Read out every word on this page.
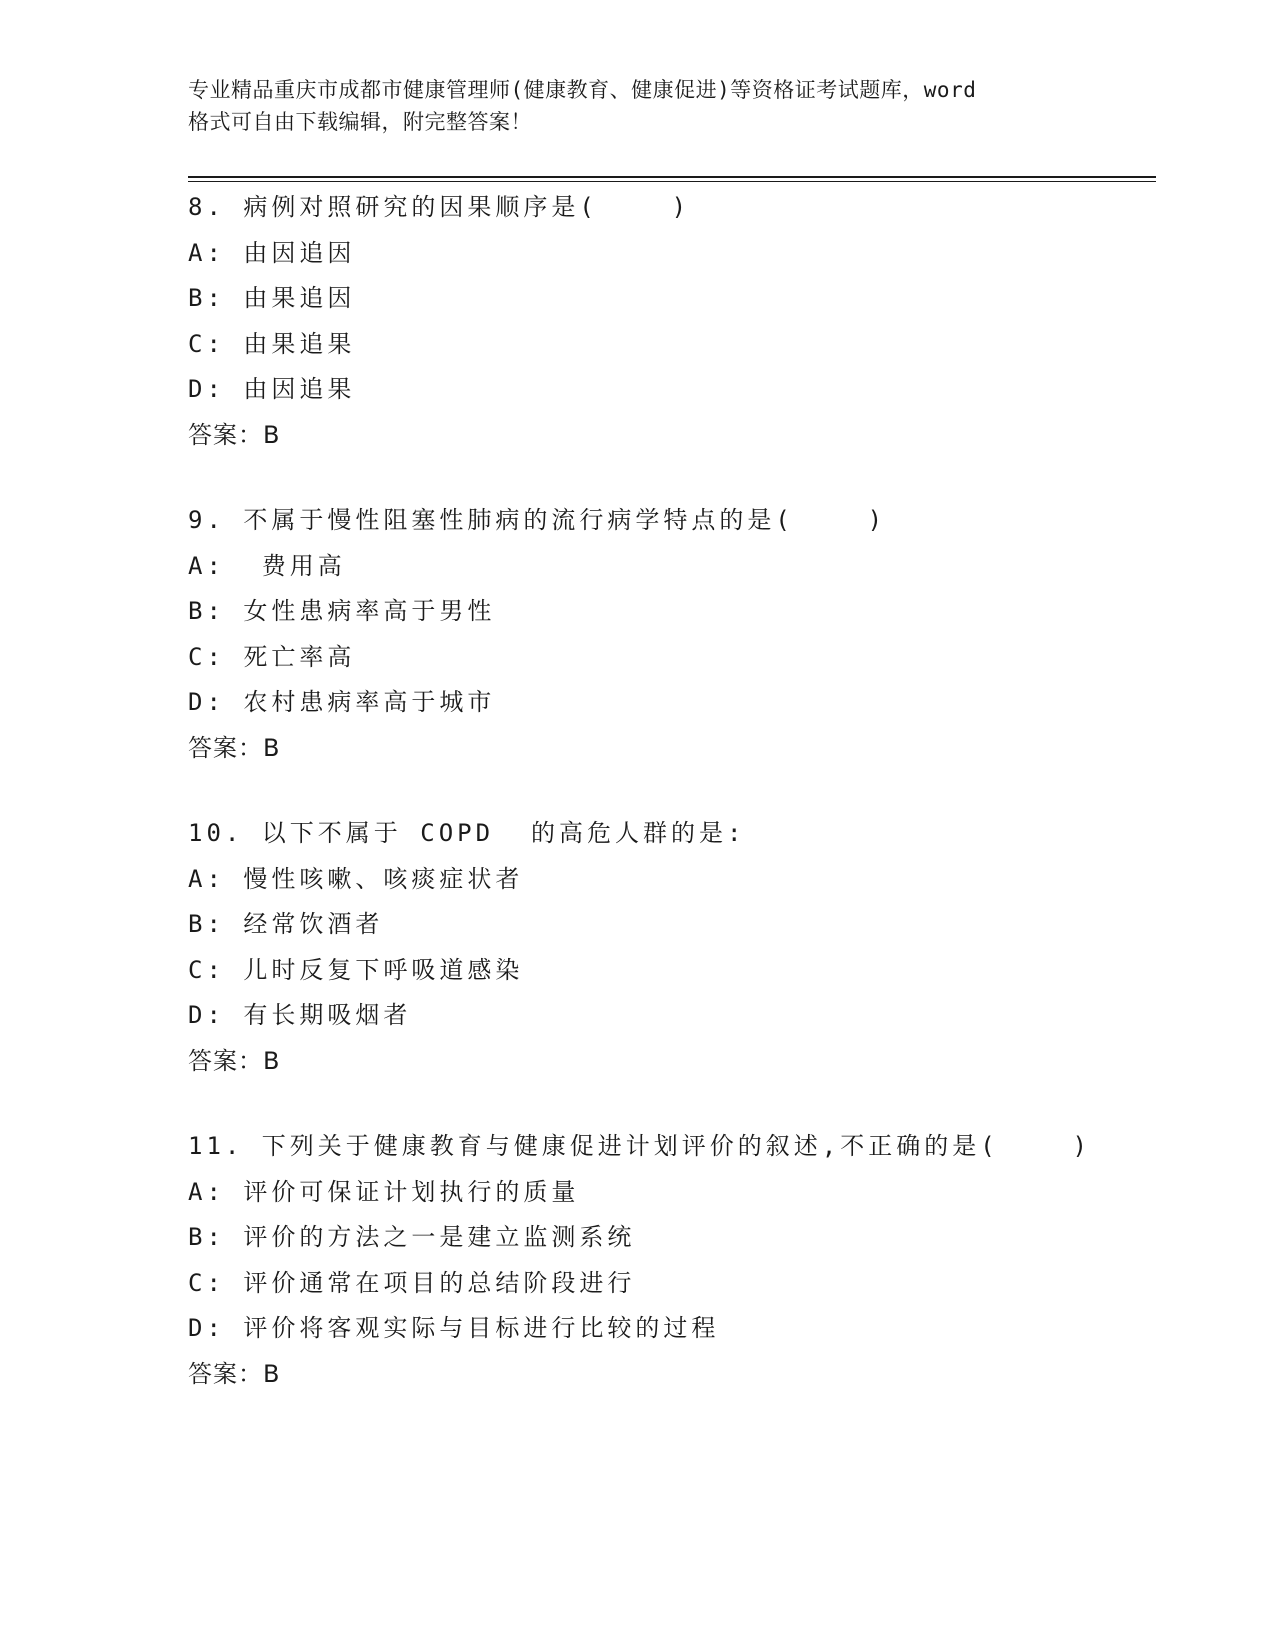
专业精品重庆市成都市健康管理师(健康教育、健康促进)等资格证考试题库，word
格式可自由下载编辑，附完整答案！
8. 病例对照研究的因果顺序是(    )
A: 由因追因
B: 由果追因
C: 由果追果
D: 由因追果
答案：B
9. 不属于慢性阻塞性肺病的流行病学特点的是(    )
A:  费用高
B: 女性患病率高于男性
C: 死亡率高
D: 农村患病率高于城市
答案：B
10. 以下不属于 COPD  的高危人群的是:
A: 慢性咳嗽、咳痰症状者
B: 经常饮酒者
C: 儿时反复下呼吸道感染
D: 有长期吸烟者
答案：B
11. 下列关于健康教育与健康促进计划评价的叙述,不正确的是(    )
A: 评价可保证计划执行的质量
B: 评价的方法之一是建立监测系统
C: 评价通常在项目的总结阶段进行
D: 评价将客观实际与目标进行比较的过程
答案：B
